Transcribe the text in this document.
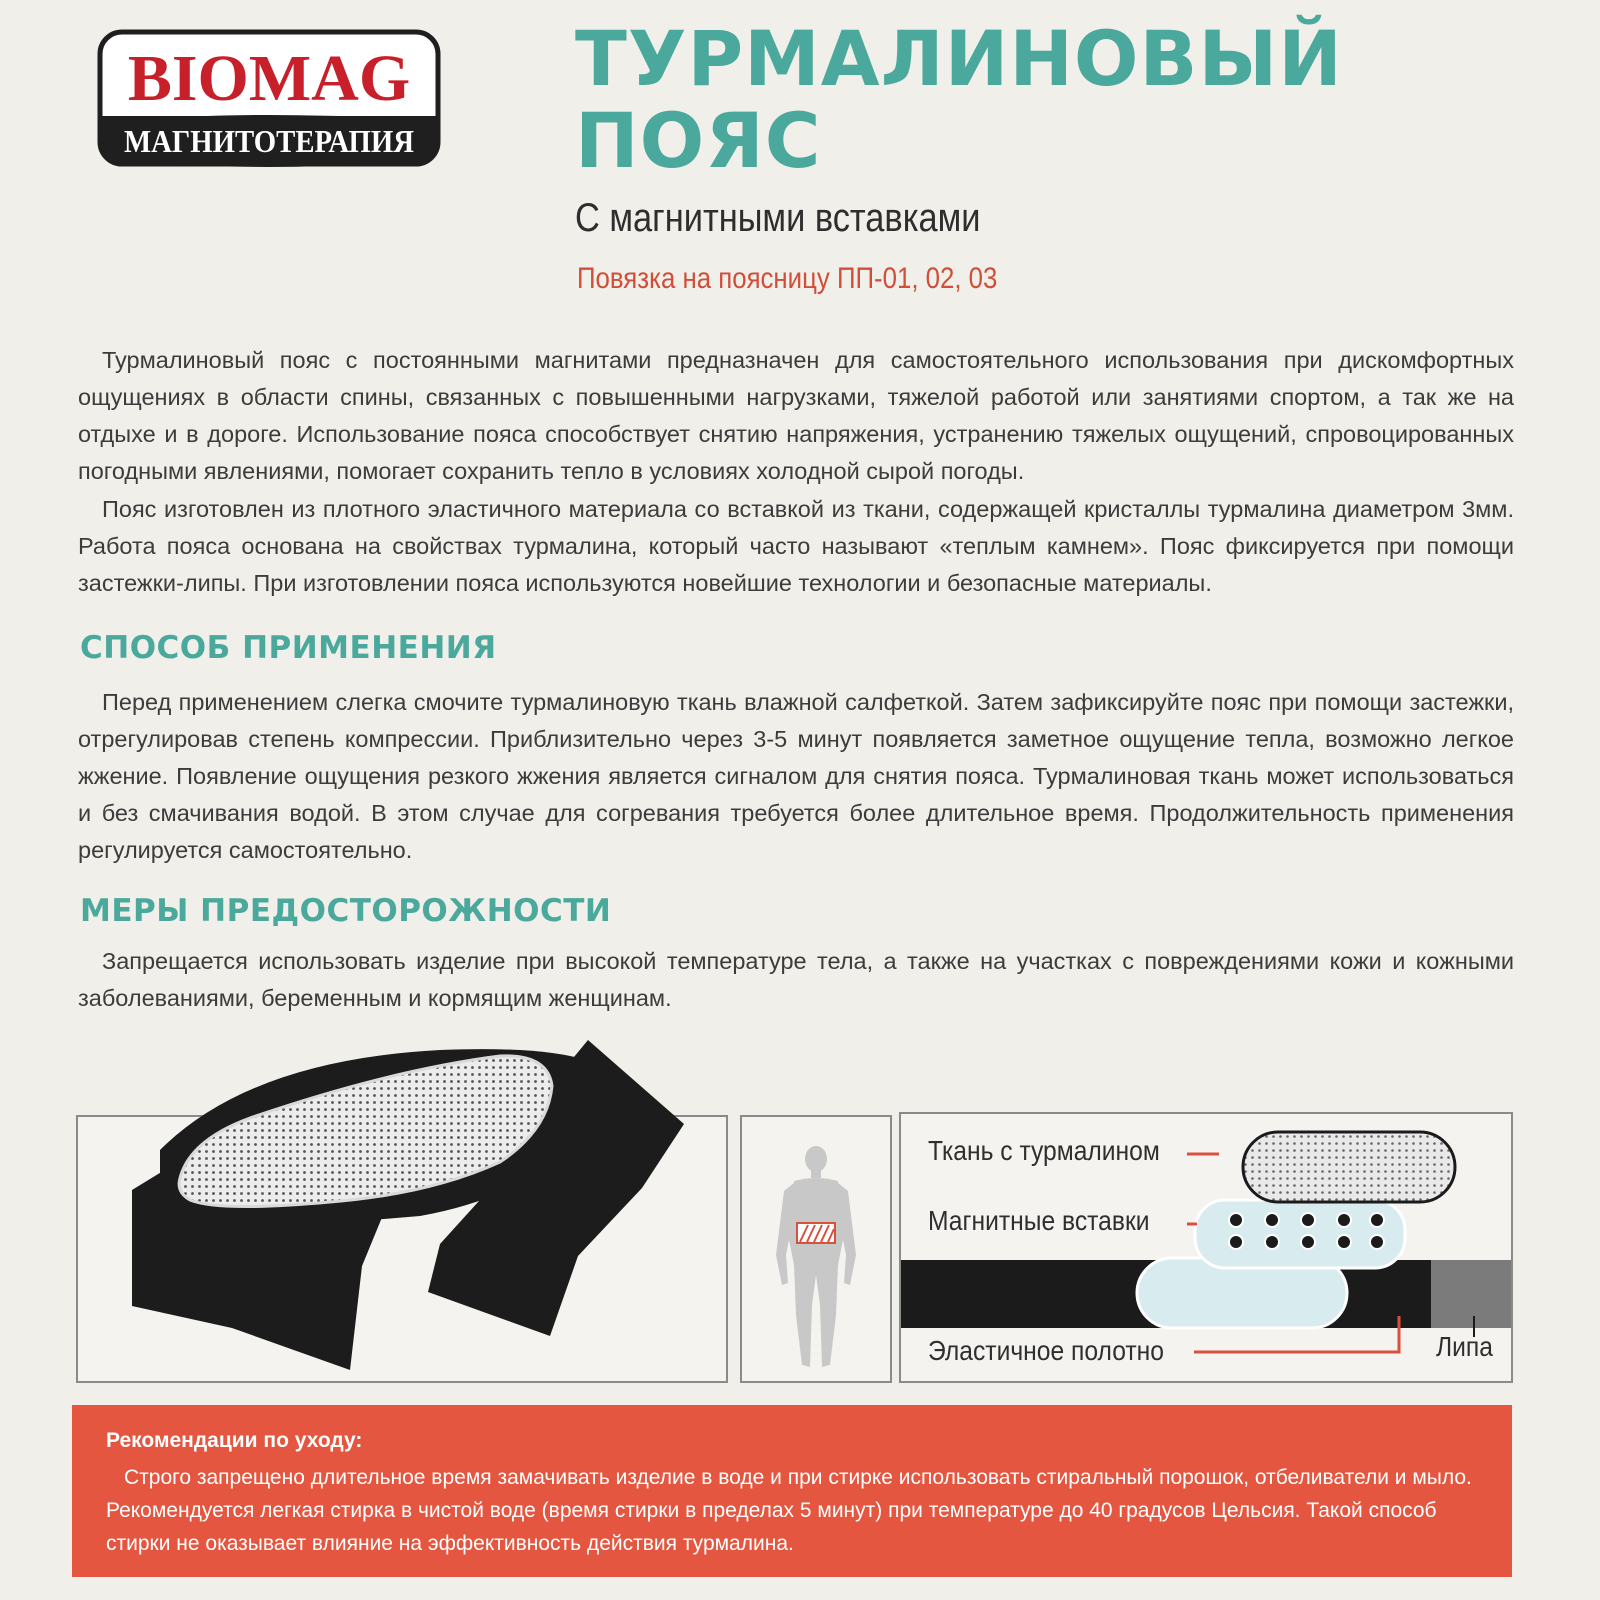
BIOMAG
МАГНИТОТЕРАПИЯ
ТУРМАЛИНОВЫЙ
ПОЯС
С магнитными вставками
Повязка на поясницу ПП-01, 02, 03

Турмалиновый пояс с постоянными магнитами предназначен для самостоятельного использования при дискомфортных ощущениях в области спины, связанных с повышенными нагрузками, тяжелой работой или занятиями спортом, а так же на отдыхе и в дороге. Использование пояса способствует снятию напряжения, устранению тяжелых ощущений, спровоцированных погодными явлениями, помогает сохранить тепло в условиях холодной сырой погоды.

Пояс изготовлен из плотного эластичного материала со вставкой из ткани, содержащей кристаллы турмалина диаметром 3мм. Работа пояса основана на свойствах турмалина, который часто называют «теплым камнем». Пояс фиксируется при помощи застежки-липы. При изготовлении пояса используются новейшие технологии и безопасные материалы.

СПОСОБ ПРИМЕНЕНИЯ

Перед применением слегка смочите турмалиновую ткань влажной салфеткой. Затем зафиксируйте пояс при помощи застежки, отрегулировав степень компрессии. Приблизительно через 3-5 минут появляется заметное ощущение тепла, возможно легкое жжение. Появление ощущения резкого жжения является сигналом для снятия пояса. Турмалиновая ткань может использоваться и без смачивания водой. В этом случае для согревания требуется более длительное время. Продолжительность применения регулируется самостоятельно.

МЕРЫ ПРЕДОСТОРОЖНОСТИ

Запрещается использовать изделие при высокой температуре тела, а также на участках с повреждениями кожи и кожными заболеваниями, беременным и кормящим женщинам.

Ткань с турмалином
Магнитные вставки
Эластичное полотно	Липа

Рекомендации по уходу:

Строго запрещено длительное время замачивать изделие в воде и при стирке использовать стиральный порошок, отбеливатели и мыло. Рекомендуется легкая стирка в чистой воде (время стирки в пределах 5 минут) при температуре до 40 градусов Цельсия. Такой способ стирки не оказывает влияние на эффективность действия турмалина.
